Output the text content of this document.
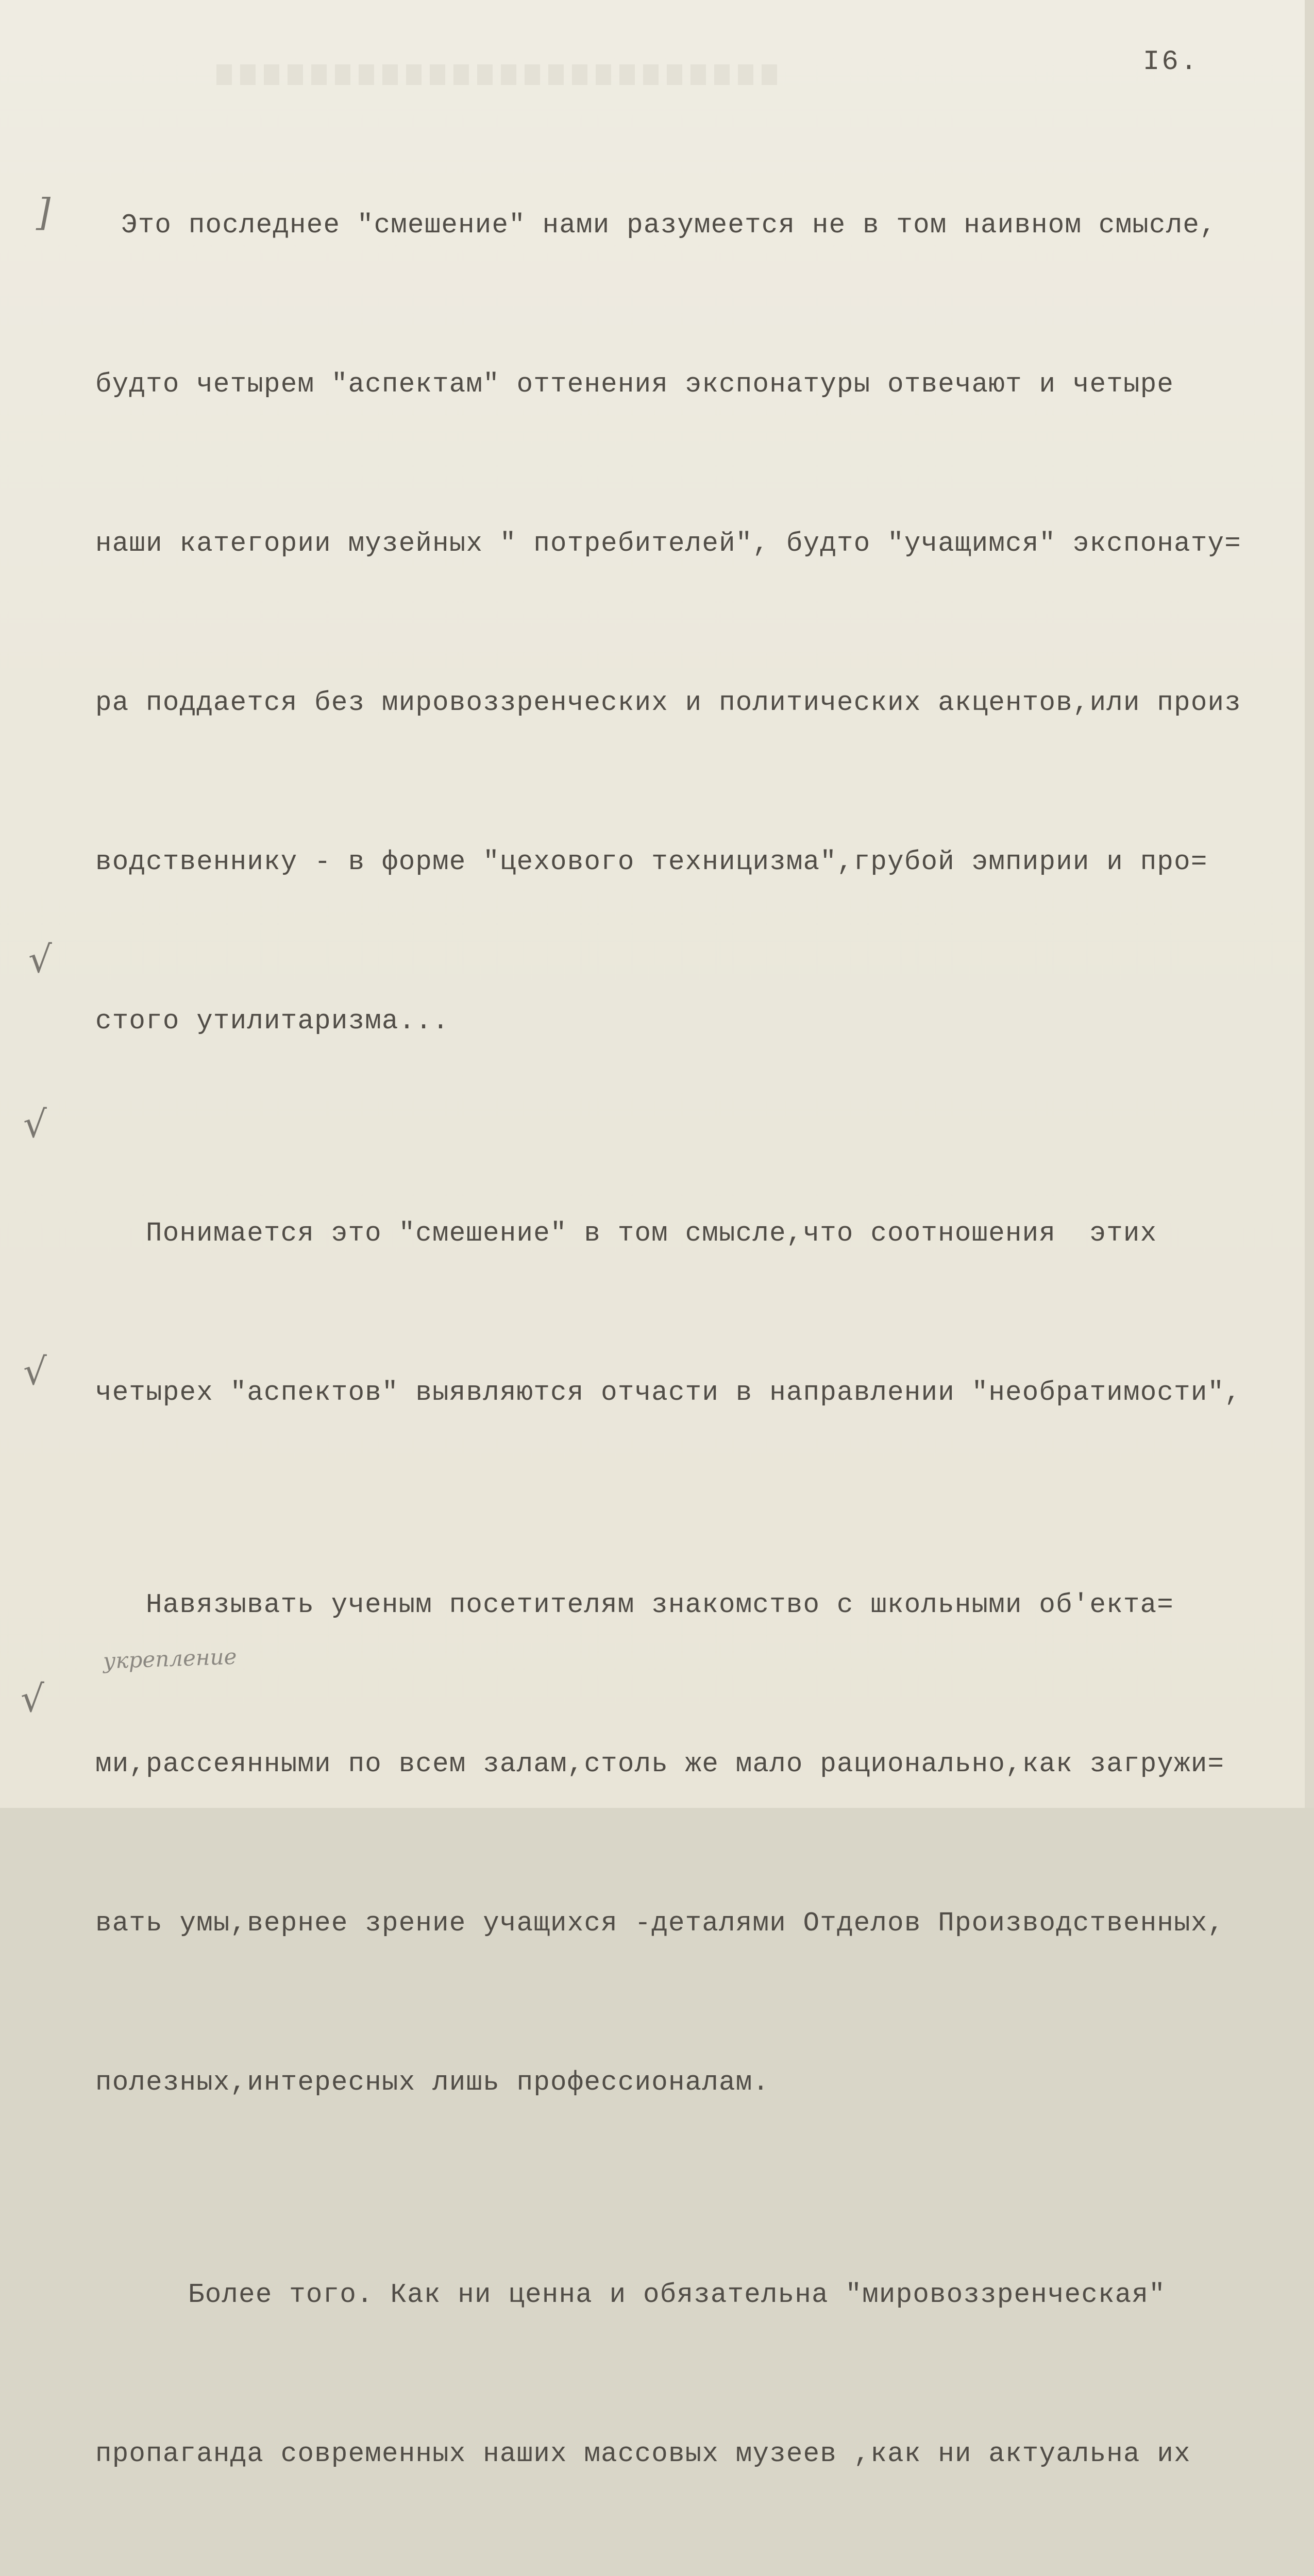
I6.
]
√
√
√
√
укрепление

Это последнее "смешение" нами разумеется не в том наивном смысле,

будто четырем "аспектам" оттенения экспонатуры отвечают и четыре

наши категории музейных " потребителей", будто "учащимся" экспонату=

ра поддается без мировоззренческих и политических акцентов,или произ

водственнику - в форме "цехового техницизма",грубой эмпирии и про=

стого утилитаризма...

Понимается это "смешение" в том смысле,что соотношения  этих

четырех "аспектов" выявляются отчасти в направлении "необратимости",

Навязывать ученым посетителям знакомство с школьными об'екта=

ми,рассеянными по всем залам,столь же мало рационально,как загружи=

вать умы,вернее зрение учащихся -деталями Отделов Производственных,

полезных,интересных лишь профессионалам.

Более того. Как ни ценна и обязательна "мировоззренческая"

пропаганда современных наших массовых музеев ,как ни актуальна их
